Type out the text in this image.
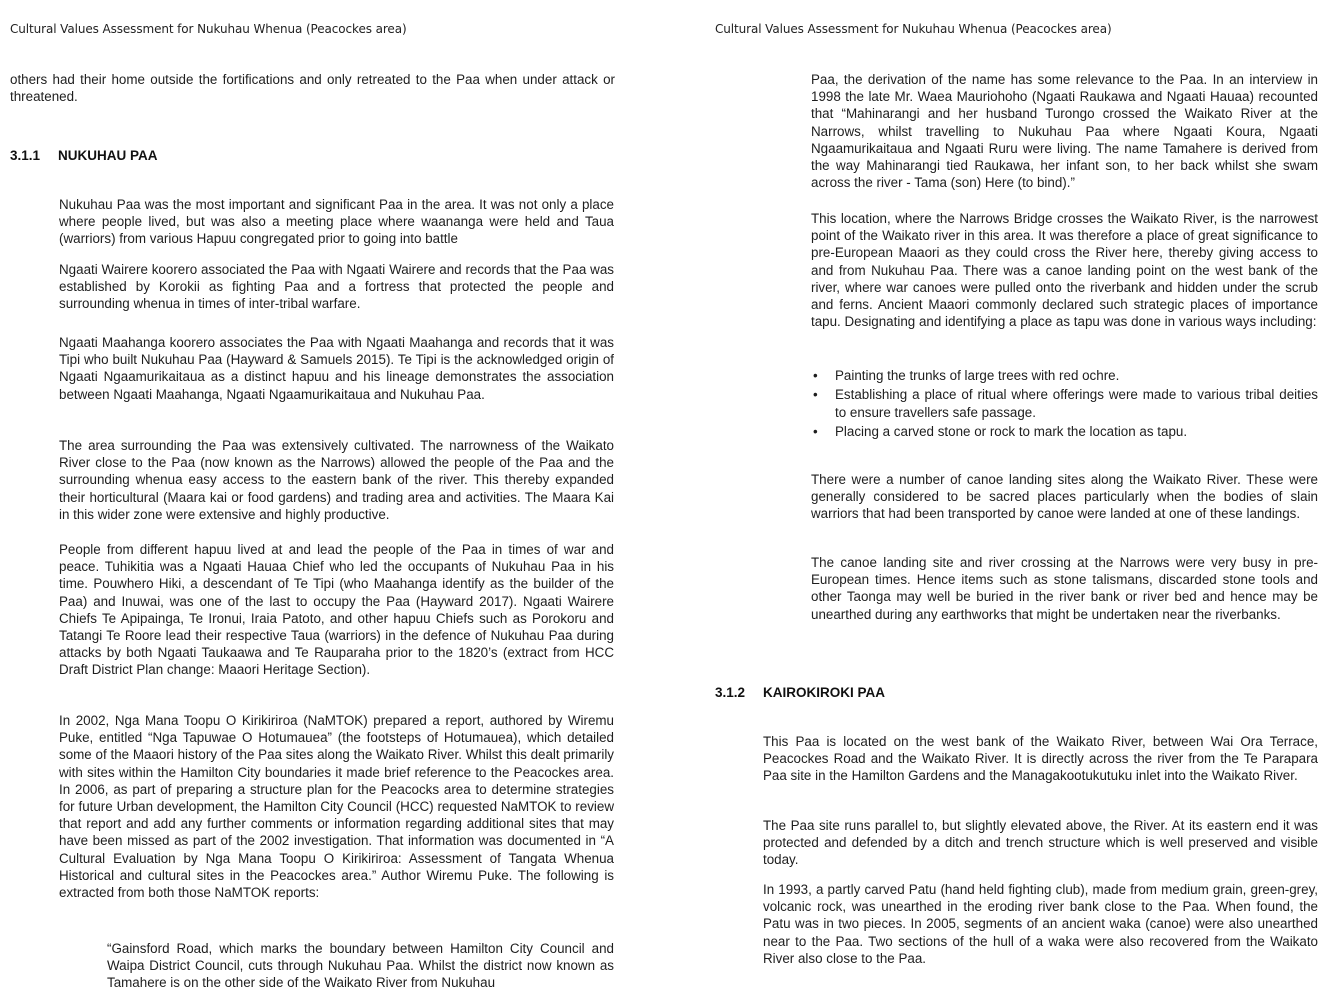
Cultural Values Assessment for Nukuhau Whenua (Peacockes area)

others had their home outside the fortifications and only retreated to the Paa when under attack or threatened.

3.1.1 NUKUHAU PAA

Nukuhau Paa was the most important and significant Paa in the area. It was not only a place where people lived, but was also a meeting place where waananga were held and Taua (warriors) from various Hapuu congregated prior to going into battle

Ngaati Wairere koorero associated the Paa with Ngaati Wairere and records that the Paa was established by Korokii as fighting Paa and a fortress that protected the people and surrounding whenua in times of inter-tribal warfare.

Ngaati Maahanga koorero associates the Paa with Ngaati Maahanga and records that it was Tipi who built Nukuhau Paa (Hayward & Samuels 2015). Te Tipi is the acknowledged origin of Ngaati Ngaamurikaitaua as a distinct hapuu and his lineage demonstrates the association between Ngaati Maahanga, Ngaati Ngaamurikaitaua and Nukuhau Paa.

The area surrounding the Paa was extensively cultivated. The narrowness of the Waikato River close to the Paa (now known as the Narrows) allowed the people of the Paa and the surrounding whenua easy access to the eastern bank of the river. This thereby expanded their horticultural (Maara kai or food gardens) and trading area and activities. The Maara Kai in this wider zone were extensive and highly productive.

People from different hapuu lived at and lead the people of the Paa in times of war and peace. Tuhikitia was a Ngaati Hauaa Chief who led the occupants of Nukuhau Paa in his time. Pouwhero Hiki, a descendant of Te Tipi (who Maahanga identify as the builder of the Paa) and Inuwai, was one of the last to occupy the Paa (Hayward 2017). Ngaati Wairere Chiefs Te Apipainga, Te Ironui, Iraia Patoto, and other hapuu Chiefs such as Porokoru and Tatangi Te Roore lead their respective Taua (warriors) in the defence of Nukuhau Paa during attacks by both Ngaati Taukaawa and Te Rauparaha prior to the 1820’s (extract from HCC Draft District Plan change: Maaori Heritage Section).

In 2002, Nga Mana Toopu O Kirikiriroa (NaMTOK) prepared a report, authored by Wiremu Puke, entitled “Nga Tapuwae O Hotumauea” (the footsteps of Hotumauea), which detailed some of the Maaori history of the Paa sites along the Waikato River. Whilst this dealt primarily with sites within the Hamilton City boundaries it made brief reference to the Peacockes area. In 2006, as part of preparing a structure plan for the Peacocks area to determine strategies for future Urban development, the Hamilton City Council (HCC) requested NaMTOK to review that report and add any further comments or information regarding additional sites that may have been missed as part of the 2002 investigation. That information was documented in “A Cultural Evaluation by Nga Mana Toopu O Kirikiriroa: Assessment of Tangata Whenua Historical and cultural sites in the Peacockes area.” Author Wiremu Puke. The following is extracted from both those NaMTOK reports:

“Gainsford Road, which marks the boundary between Hamilton City Council and Waipa District Council, cuts through Nukuhau Paa. Whilst the district now known as Tamahere is on the other side of the Waikato River from Nukuhau

Cultural Values Assessment for Nukuhau Whenua (Peacockes area)

Paa, the derivation of the name has some relevance to the Paa. In an interview in 1998 the late Mr. Waea Mauriohoho (Ngaati Raukawa and Ngaati Hauaa) recounted that “Mahinarangi and her husband Turongo crossed the Waikato River at the Narrows, whilst travelling to Nukuhau Paa where Ngaati Koura, Ngaati Ngaamurikaitaua and Ngaati Ruru were living. The name Tamahere is derived from the way Mahinarangi tied Raukawa, her infant son, to her back whilst she swam across the river - Tama (son) Here (to bind).”

This location, where the Narrows Bridge crosses the Waikato River, is the narrowest point of the Waikato river in this area. It was therefore a place of great significance to pre-European Maaori as they could cross the River here, thereby giving access to and from Nukuhau Paa. There was a canoe landing point on the west bank of the river, where war canoes were pulled onto the riverbank and hidden under the scrub and ferns. Ancient Maaori commonly declared such strategic places of importance tapu. Designating and identifying a place as tapu was done in various ways including:

• Painting the trunks of large trees with red ochre.
• Establishing a place of ritual where offerings were made to various tribal deities to ensure travellers safe passage.
• Placing a carved stone or rock to mark the location as tapu.

There were a number of canoe landing sites along the Waikato River. These were generally considered to be sacred places particularly when the bodies of slain warriors that had been transported by canoe were landed at one of these landings.

The canoe landing site and river crossing at the Narrows were very busy in pre-European times. Hence items such as stone talismans, discarded stone tools and other Taonga may well be buried in the river bank or river bed and hence may be unearthed during any earthworks that might be undertaken near the riverbanks.

3.1.2 KAIROKIROKI PAA

This Paa is located on the west bank of the Waikato River, between Wai Ora Terrace, Peacockes Road and the Waikato River. It is directly across the river from the Te Parapara Paa site in the Hamilton Gardens and the Managakootukutuku inlet into the Waikato River.

The Paa site runs parallel to, but slightly elevated above, the River. At its eastern end it was protected and defended by a ditch and trench structure which is well preserved and visible today.

In 1993, a partly carved Patu (hand held fighting club), made from medium grain, green-grey, volcanic rock, was unearthed in the eroding river bank close to the Paa. When found, the Patu was in two pieces. In 2005, segments of an ancient waka (canoe) were also unearthed near to the Paa. Two sections of the hull of a waka were also recovered from the Waikato River also close to the Paa.
